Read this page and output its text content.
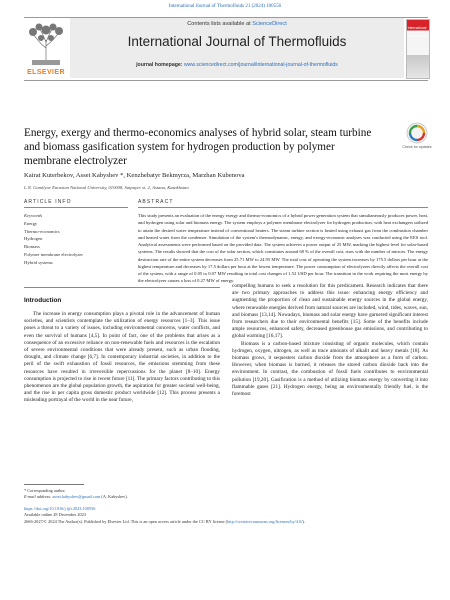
International Journal of Thermofluids 21 (2024) 100556
ELSEVIER
Contents lists available at ScienceDirect
International Journal of Thermofluids
journal homepage: www.sciencedirect.com/journal/international-journal-of-thermofluids
International Journal of Thermofluids
Energy, exergy and thermo-economics analyses of hybrid solar, steam turbine and biomass gasification system for hydrogen production by polymer membrane electrolyzer
Check for updates
Kairat Kuterbekov, Asset Kabyshev *, Kenzhebatyr Bekmyrza, Marzhan Kubenova
L.N. Gumilyov Eurasian National University, 010008, Satpayev st. 2, Astana, Kazakhstan
ARTICLE INFO	ABSTRACT
Keywords
Energy
Thermo-economics
Hydrogen
Biomass
Polymer membrane electrolyzer
Hybrid systems
This study presents an evaluation of the energy exergy and thermo-economics of a hybrid power generation system that simultaneously produces power, heat, and hydrogen using solar and biomass energy. The system employs a polymer membrane electrolyzer for hydrogen production, with heat exchangers utilized to attain the desired water temperature instead of conventional heaters. The steam turbine section is heated using exhaust gas from the combustion chamber and heated water from the condenser. Simulation of the system's thermodynamic, energy, and exergy-economic analyses was conducted using the EES tool. Analytical assessments were performed based on the provided data. The system achieves a power output of 25 MW, marking the highest level for solar-based systems. The results showed that the cost of the solar section, which constitutes around 68 % of the overall cost, rises with the number of mirrors. The energy destruction rate of the entire system decreases from 25.71 MW to 24.95 MW. The total cost of operating the system increases by 175.5 dollars per hour at the highest temperature and decreases by 17.5 dollars per hour at the lowest temperature. The power consumption of electrolyzers directly affects the overall cost of the system, with a range of 0.05 to 0.07 MW resulting in total cost changes of 1.52 USD per hour. The transition in the work requiring the most energy by the electrolyzer causes a loss of 0.27 MW of energy.
Introduction

The increase in energy consumption plays a pivotal role in the advancement of human societies, and scientists contemplate the utilization of energy resources [1–3]. This issue poses a threat to a variety of issues, including environmental concerns, water conflicts, and even the survival of humans [4,5]. In point of fact, one of the problems that arises as a consequence of an excessive reliance on non-renewable fuels and resources is the escalation of severe environmental conditions that were already present, such as urban flooding, drought, and climate change [6,7]. In contemporary industrial societies, in addition to the peril of the swift exhaustion of fossil resources, the emissions stemming from these resources have resulted in irreversible repercussions for the planet [8–10]. Energy consumption is projected to rise in recent future [11]. The primary factors contributing to this phenomenon are the global population growth, the aspiration for greater societal well-being, and the rise in per capita gross domestic product worldwide [12]. This process presents a misleading portrayal of the world in the near future,

compelling humans to seek a resolution for this predicament. Research indicates that there are two primary approaches to address this issue: enhancing energy efficiency and augmenting the proportion of clean and sustainable energy sources in the global energy, where renewable energies derived from natural sources are included, wind, tides, waves, sun, and biomass [13,14]. Nowadays, biomass and solar energy have garnered significant interest from researchers due to their environmental benefits [15]. Some of the benefits include ample resources, enhanced safety, decreased greenhouse gas emissions, and contributing to global warming [16,17].

Biomass is a carbon-based mixture consisting of organic molecules, which contain hydrogen, oxygen, nitrogen, as well as trace amounts of alkalit and heavy metals [18]. As biomass grows, it sequesters carbon dioxide from the atmosphere as a form of carbon. However, when biomass is burned, it releases the stored carbon dioxide back into the environment. In contrast, the combustion of fossil fuels contributes to environmental pollution [19,20]. Gasification is a method of utilizing biomass energy by converting it into flammable gases [21]. Hydrogen energy, being an environmentally friendly fuel, is the foremost

* Corresponding author.
E-mail address: asset.kabyshev@gmail.com (A. Kabyshev).
https://doi.org/10.1016/j.ijft.2023.100556
Available online 28 December 2023
2666-2027/© 2024 The Author(s). Published by Elsevier Ltd. This is an open access article under the CC BY license (http://creativecommons.org/licenses/by/4.0/).
